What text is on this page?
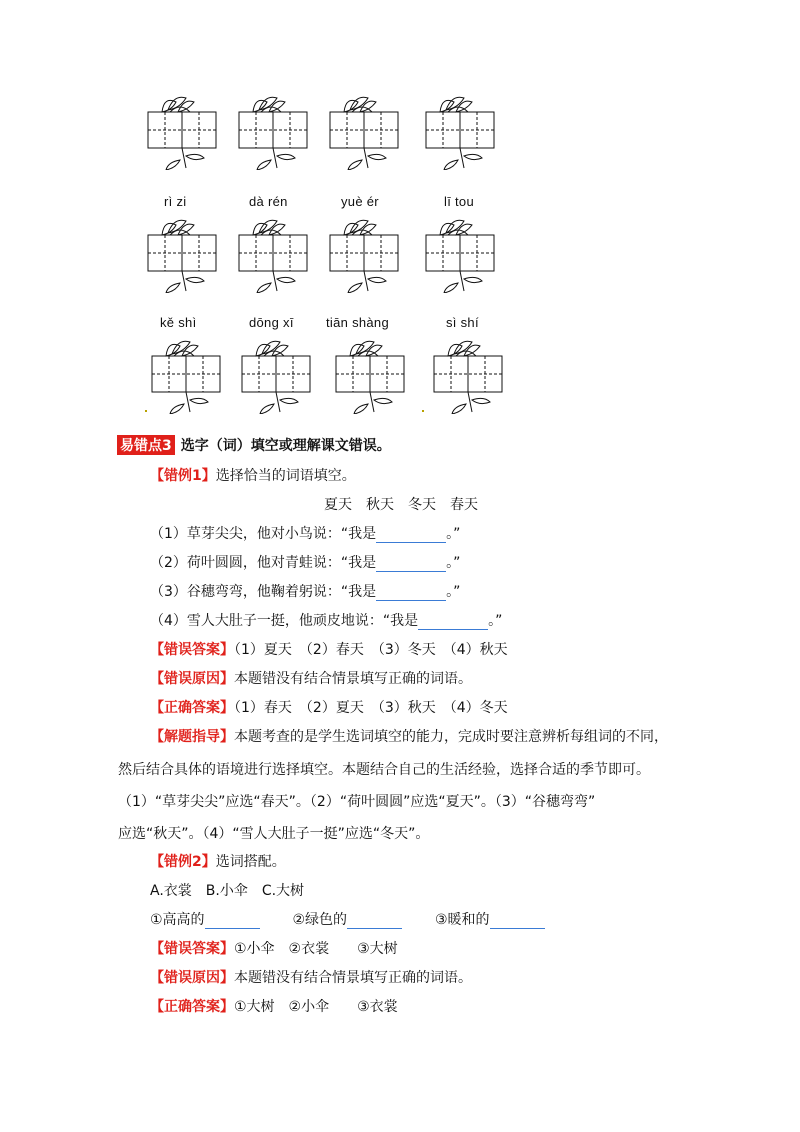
rì zi	dà rén	yuè ér	lī tou
kě shì	dōng xī tiān shàng	sì shí
易错点3 选字（词）填空或理解课文错误。
【错例1】选择恰当的词语填空。
夏天　秋天　冬天　春天
（1）草芽尖尖，他对小鸟说：“我是	。”
（2）荷叶圆圆，他对青蛙说：“我是	。”
（3）谷穗弯弯，他鞠着躬说：“我是	。”
（4）雪人大肚子一挺，他顽皮地说：“我是	。”
【错误答案】（1）夏天　（2）春天　（3）冬天　（4）秋天
【错误原因】本题错没有结合情景填写正确的词语。
【正确答案】（1）春天　（2）夏天　（3）秋天　（4）冬天
【解题指导】本题考查的是学生选词填空的能力，完成时要注意辨析每组词的不同，
然后结合具体的语境进行选择填空。本题结合自己的生活经验，选择合适的季节即可。
（1）“草芽尖尖”应选“春天”。（2）“荷叶圆圆”应选“夏天”。（3）“谷穗弯弯”
应选“秋天”。（4）“雪人大肚子一挺”应选“冬天”。
【错例2】选词搭配。
A.衣裳　B.小伞　C.大树
①高高的	②绿色的	③暖和的
【错误答案】①小伞　②衣裳　　③大树
【错误原因】本题错没有结合情景填写正确的词语。
【正确答案】①大树　②小伞　　③衣裳
